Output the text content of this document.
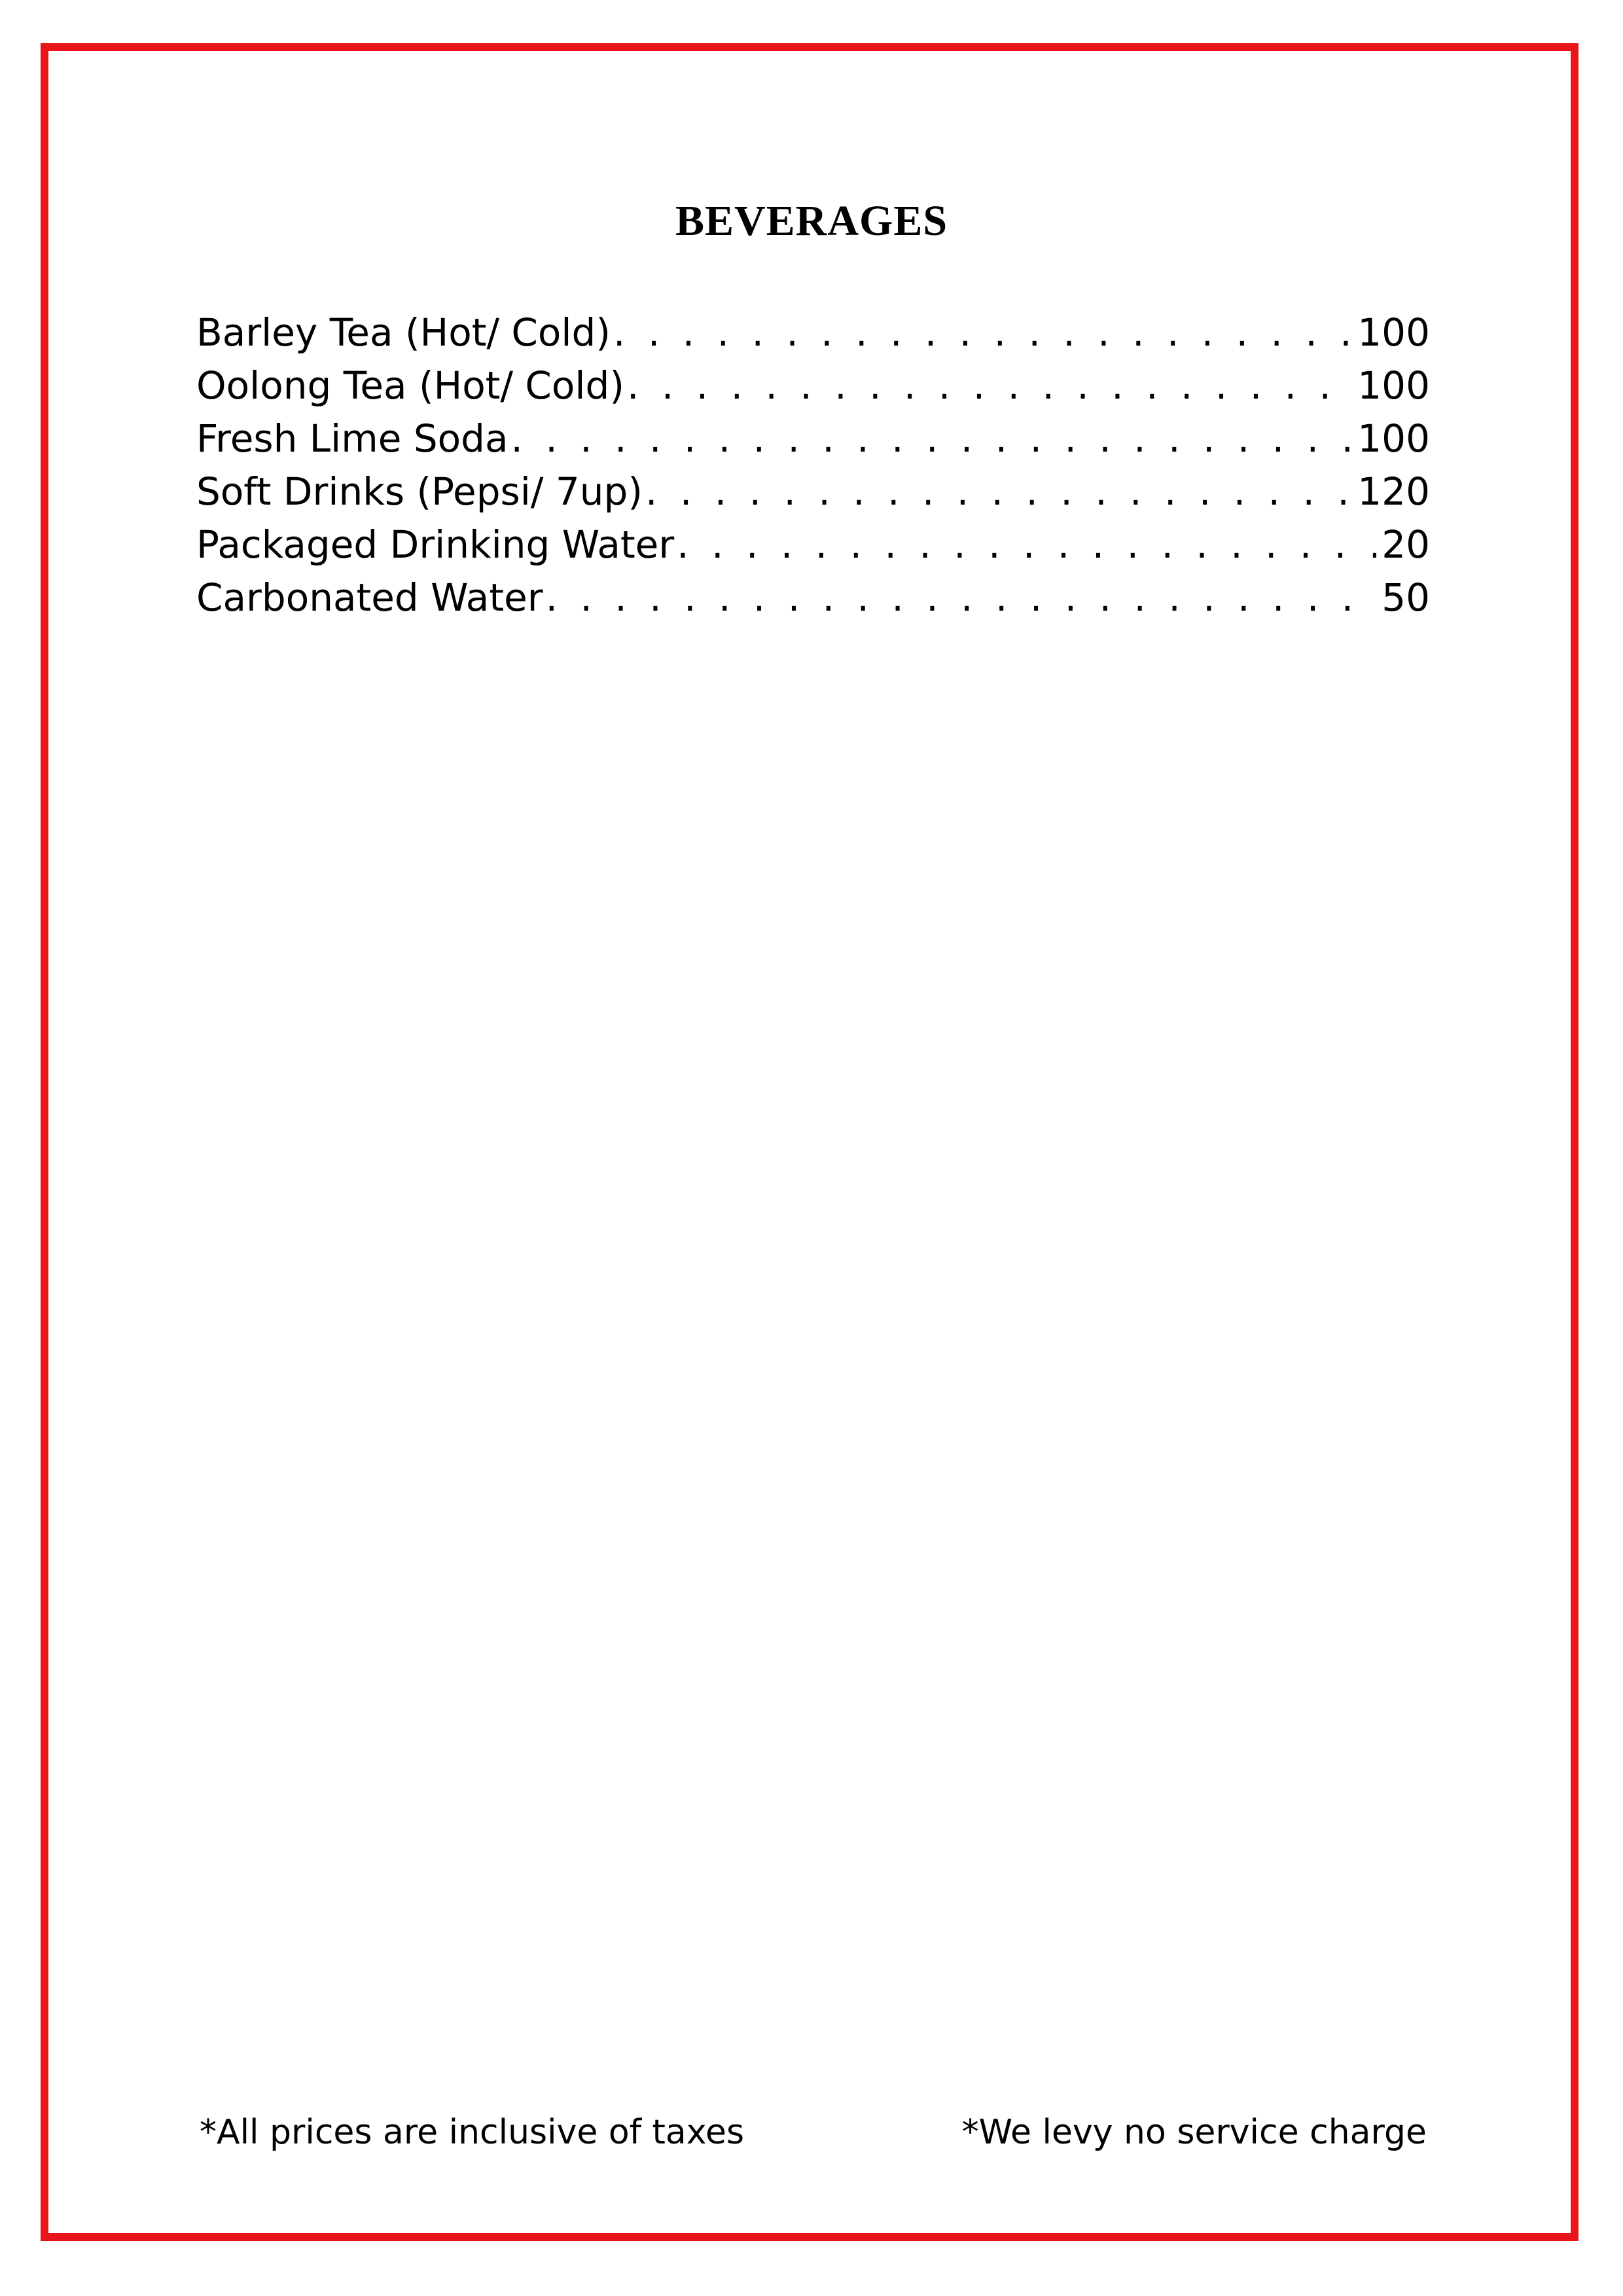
BEVERAGES
Barley Tea (Hot/ Cold) . . .	100
Oolong Tea (Hot/ Cold) . . .	100
Fresh Lime Soda . . .	100
Soft Drinks (Pepsi/ 7up) . . .	120
Packaged Drinking Water . . .	20
Carbonated Water . . .	50
*All prices are inclusive of taxes	*We levy no service charge
